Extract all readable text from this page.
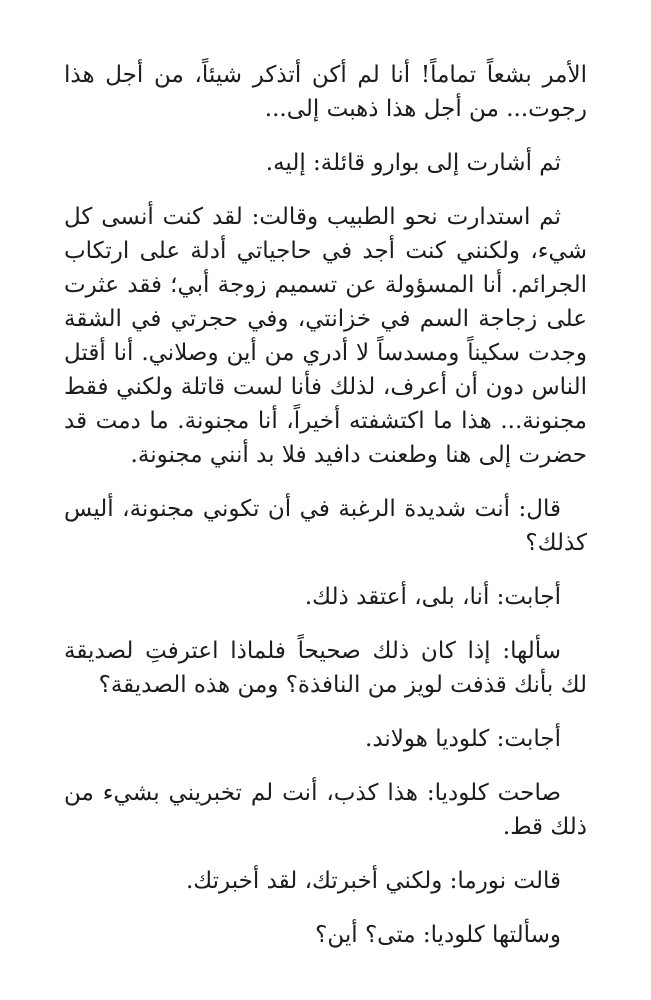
الأمر بشعاً تماماً! أنا لم أكن أتذكر شيئاً، من أجل هذا رجوت... من أجل هذا ذهبت إلى...

ثم أشارت إلى بوارو قائلة: إليه.

ثم استدارت نحو الطبيب وقالت: لقد كنت أنسى كل شيء، ولكنني كنت أجد في حاجياتي أدلة على ارتكاب الجرائم. أنا المسؤولة عن تسميم زوجة أبي؛ فقد عثرت على زجاجة السم في خزانتي، وفي حجرتي في الشقة وجدت سكيناً ومسدساً لا أدري من أين وصلاني. أنا أقتل الناس دون أن أعرف، لذلك فأنا لست قاتلة ولكني فقط مجنونة... هذا ما اكتشفته أخيراً، أنا مجنونة. ما دمت قد حضرت إلى هنا وطعنت دافيد فلا بد أنني مجنونة.

قال: أنت شديدة الرغبة في أن تكوني مجنونة، أليس كذلك؟

أجابت: أنا، بلى، أعتقد ذلك.

سألها: إذا كان ذلك صحيحاً فلماذا اعترفتِ لصديقة لك بأنك قذفت لويز من النافذة؟ ومن هذه الصديقة؟

أجابت: كلوديا هولاند.

صاحت كلوديا: هذا كذب، أنت لم تخبريني بشيء من ذلك قط.

قالت نورما: ولكني أخبرتك، لقد أخبرتك.

وسألتها كلوديا: متى؟ أين؟
